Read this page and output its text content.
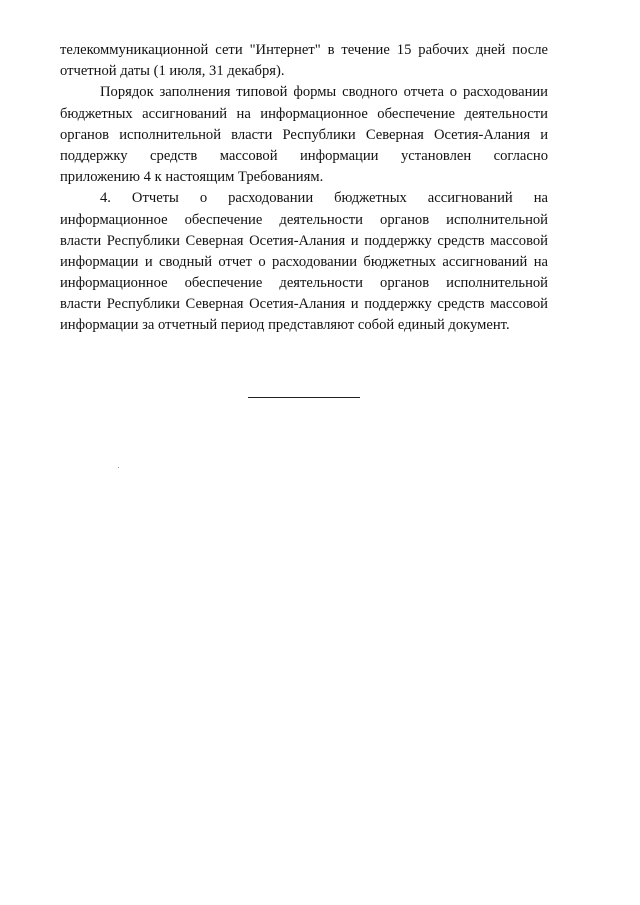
телекоммуникационной сети "Интернет" в течение 15 рабочих дней после
отчетной даты (1 июля, 31 декабря).
Порядок заполнения типовой формы сводного отчета о расходовании
бюджетных ассигнований на информационное обеспечение деятельности
органов исполнительной власти Республики Северная Осетия-Алания и
поддержку средств массовой информации установлен согласно
приложению 4 к настоящим Требованиям.
4. Отчеты о расходовании бюджетных ассигнований на
информационное обеспечение деятельности органов исполнительной
власти Республики Северная Осетия-Алания и поддержку средств массовой
информации и сводный отчет о расходовании бюджетных ассигнований на
информационное обеспечение деятельности органов исполнительной
власти Республики Северная Осетия-Алания и поддержку средств массовой
информации за отчетный период представляют собой единый документ.
